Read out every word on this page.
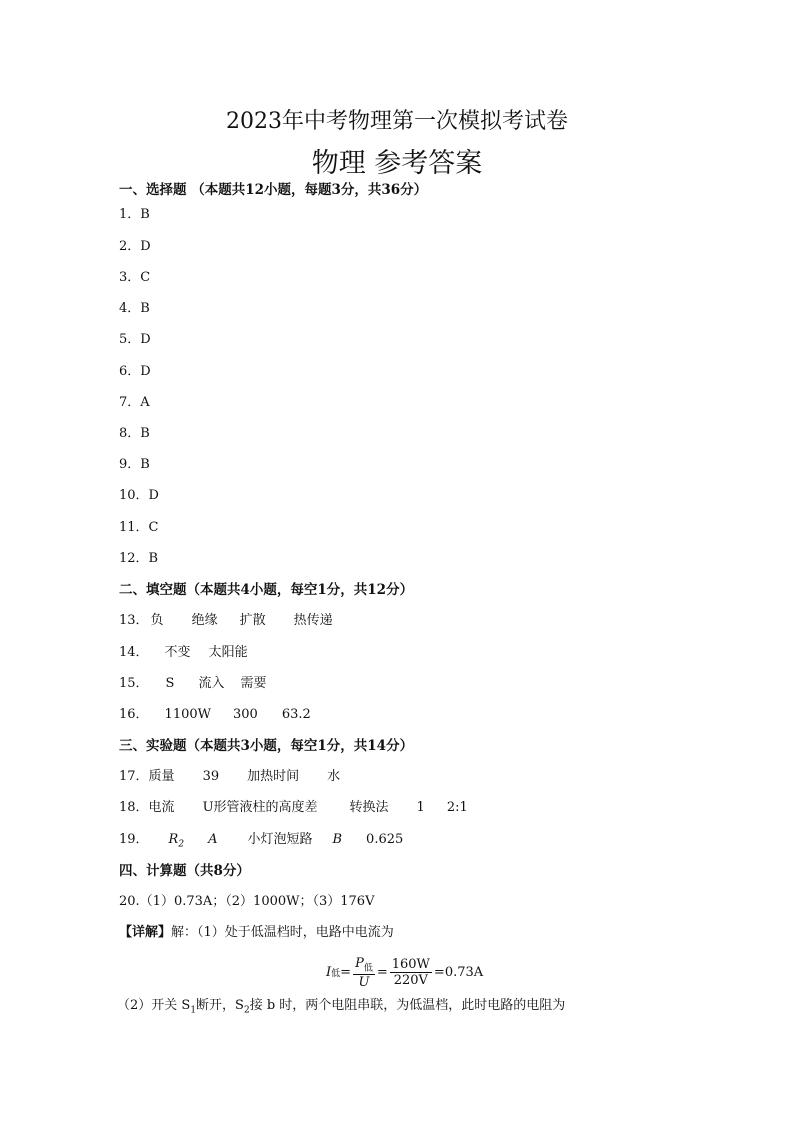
2023年中考物理第一次模拟考试卷
物理 参考答案
一、选择题 （本题共12小题，每题3分，共36分）
1．B
2．D
3．C
4．B
5．D
6．D
7．A
8．B
9．B
10．D
11．C
12．B
二、填空题（本题共4小题，每空1分，共12分）
13． 负 绝缘 扩散 热传递
14． 不变 太阳能
15． S 流入 需要
16． 1100W 300 63.2
三、实验题（本题共3小题，每空1分，共14分）
17．质量 39 加热时间 水
18．电流 U形管液柱的高度差 转换法 1 2:1
19． $R_2$ A 小灯泡短路 B 0.625
四、计算题（共8分）
20.（1）0.73A；（2）1000W；（3）176V
【详解】解：（1）处于低温档时，电路中电流为
I 低 = $\frac{P_低}{U} = \frac{160W}{220V} =0.73A$
（2）开关 $S_1$断开，$S_2$接 b 时，两个电阻串联，为低温档，此时电路的电阻为
